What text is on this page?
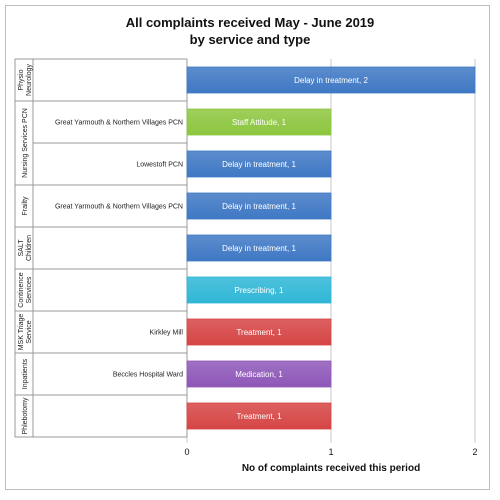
All complaints received May - June 2019
by service and type
Physio Neurology
Nursing Services PCN
Frailty
SALT Children
Continence Services
MSK Triage Service
Inpatients
Phlebotomy
Delay in treatment, 2
Great Yarmouth & Northern Villages PCN	Staff Attitude, 1
Lowestoft PCN	Delay in treatment, 1
Great Yarmouth & Northern Villages PCN	Delay in treatment, 1
Delay in treatment, 1
Prescribing, 1
Kirkley Mill	Treatment, 1
Beccles Hospital Ward	Medication, 1
Treatment, 1
0	1	2
No of complaints received this period
